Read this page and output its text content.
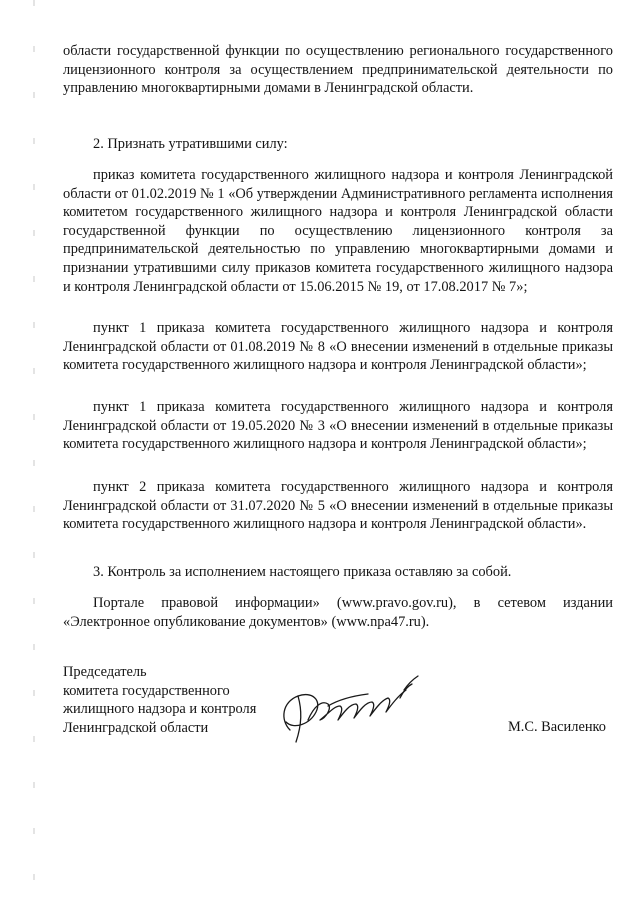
области государственной функции по осуществлению регионального государственного лицензионного контроля за осуществлением предпринимательской деятельности по управлению многоквартирными домами в Ленинградской области.

2. Признать утратившими силу:

приказ комитета государственного жилищного надзора и контроля Ленинградской области от 01.02.2019 № 1 «Об утверждении Административного регламента исполнения комитетом государственного жилищного надзора и контроля Ленинградской области государственной функции по осуществлению лицензионного контроля за предпринимательской деятельностью по управлению многоквартирными домами и признании утратившими силу приказов комитета государственного жилищного надзора и контроля Ленинградской области от 15.06.2015 № 19, от 17.08.2017 № 7»;

пункт 1 приказа комитета государственного жилищного надзора и контроля Ленинградской области от 01.08.2019 № 8 «О внесении изменений в отдельные приказы комитета государственного жилищного надзора и контроля Ленинградской области»;

пункт 1 приказа комитета государственного жилищного надзора и контроля Ленинградской области от 19.05.2020 № 3 «О внесении изменений в отдельные приказы комитета государственного жилищного надзора и контроля Ленинградской области»;

пункт 2 приказа комитета государственного жилищного надзора и контроля Ленинградской области от 31.07.2020 № 5 «О внесении изменений в отдельные приказы комитета государственного жилищного надзора и контроля Ленинградской области».

3. Контроль за исполнением настоящего приказа оставляю за собой.

Портале правовой информации» (www.pravo.gov.ru), в сетевом издании «Электронное опубликование документов» (www.npa47.ru).

Председатель
комитета государственного
жилищного надзора и контроля
Ленинградской области	М.С. Василенко
